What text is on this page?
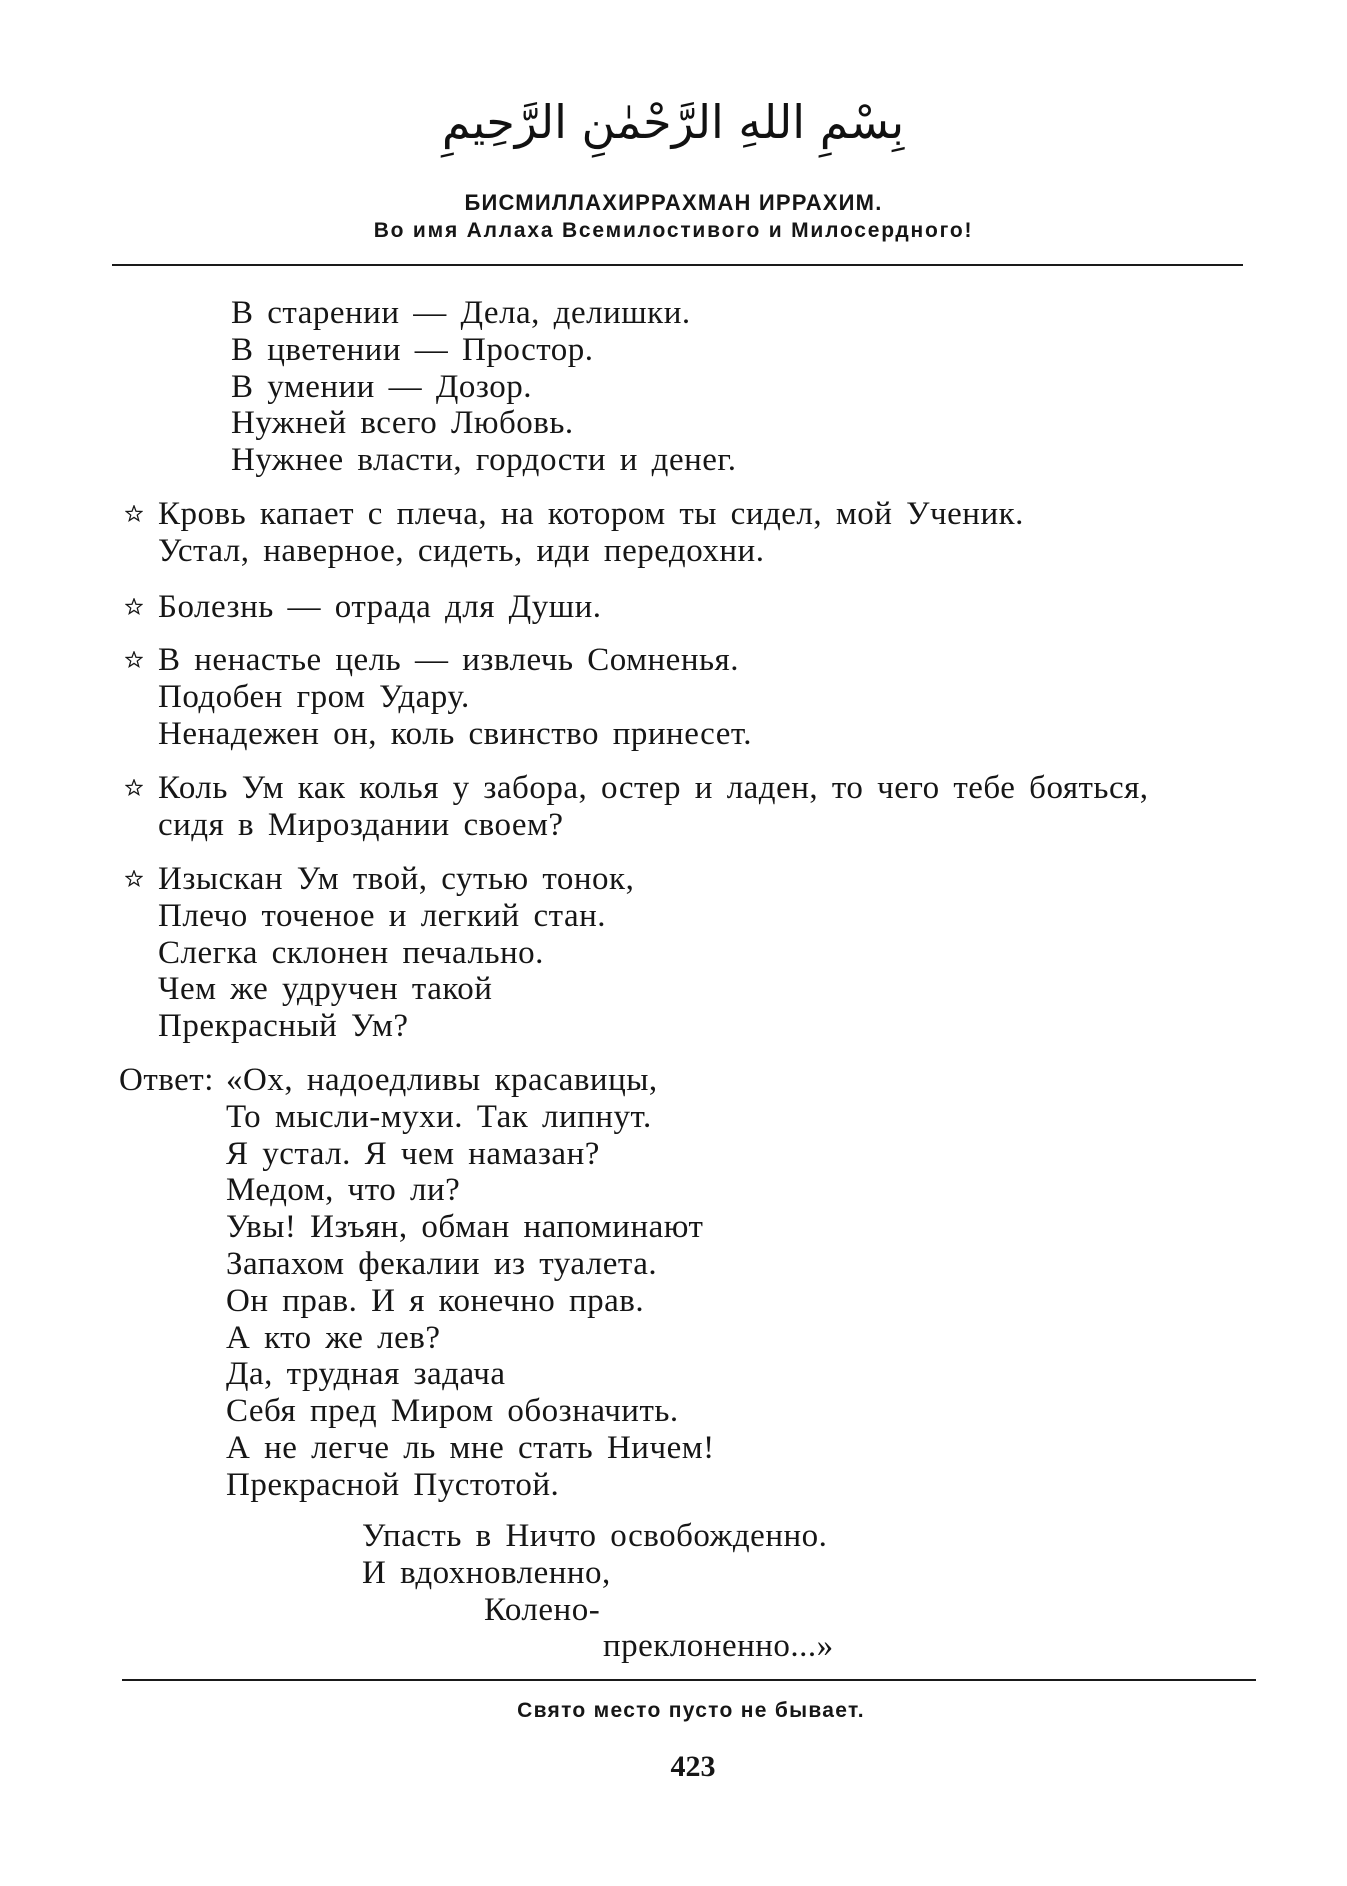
بِسْمِ اللهِ الرَّحْمٰنِ الرَّحِيمِ
БИСМИЛЛАХИРРАХМАН ИРРАХИМ.
Во имя Аллаха Всемилостивого и Милосердного!
В старении — Дела, делишки.
В цветении — Простор.
В умении — Дозор.
Нужней всего Любовь.
Нужнее власти, гордости и денег.
Кровь капает с плеча, на котором ты сидел, мой Ученик.
Устал, наверное, сидеть, иди передохни.
Болезнь — отрада для Души.
В ненастье цель — извлечь Сомненья.
Подобен гром Удару.
Ненадежен он, коль свинство принесет.
Коль Ум как колья у забора, остер и ладен, то чего тебе бояться,
сидя в Мироздании своем?
Изыскан Ум твой, сутью тонок,
Плечо точеное и легкий стан.
Слегка склонен печально.
Чем же удручен такой
Прекрасный Ум?
Ответ: «Ох, надоедливы красавицы,
То мысли-мухи. Так липнут.
Я устал. Я чем намазан?
Медом, что ли?
Увы! Изъян, обман напоминают
Запахом фекалии из туалета.
Он прав. И я конечно прав.
А кто же лев?
Да, трудная задача
Себя пред Миром обозначить.
А не легче ль мне стать Ничем!
Прекрасной Пустотой.
Упасть в Ничто освобожденно.
И вдохновленно,
Колено-
преклоненно...»
Свято место пусто не бывает.
423
